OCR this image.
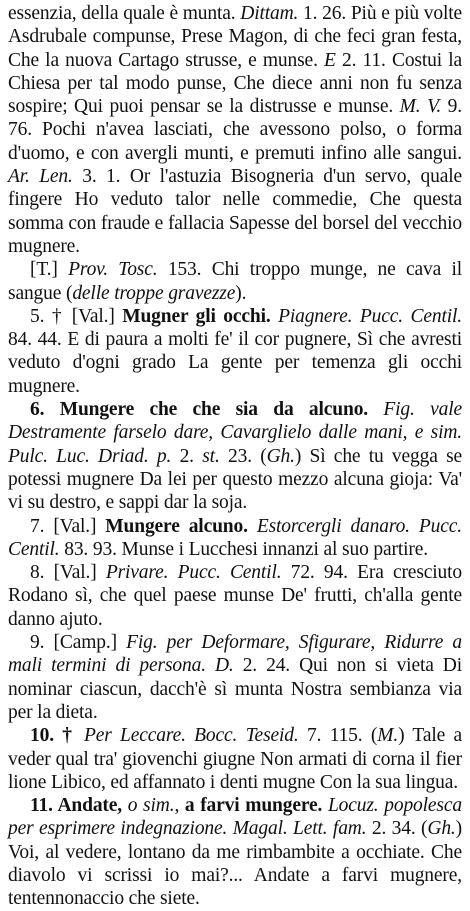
essenzia, della quale è munta. Dittam. 1. 26. Più e più volte Asdrubale compunse, Prese Magon, di che feci gran festa, Che la nuova Cartago strusse, e munse. E 2. 11. Costui la Chiesa per tal modo punse, Che diece anni non fu senza sospire; Qui puoi pensar se la distrusse e munse. M. V. 9. 76. Pochi n'avea lasciati, che avessono polso, o forma d'uomo, e con avergli munti, e premuti infino alle sangui. Ar. Len. 3. 1. Or l'astuzia Bisogneria d'un servo, quale fingere Ho veduto talor nelle commedie, Che questa somma con fraude e fallacia Sapesse del borsel del vecchio mugnere.

[T.] Prov. Tosc. 153. Chi troppo munge, ne cava il sangue (delle troppe gravezze).

5. † [Val.] Mugner gli occhi. Piagnere. Pucc. Centil. 84. 44. E di paura a molti fe' il cor pugnere, Sì che avresti veduto d'ogni grado La gente per temenza gli occhi mugnere.

6. Mungere che che sia da alcuno. Fig. vale Destramente farselo dare, Cavarglielo dalle mani, e sim. Pulc. Luc. Driad. p. 2. st. 23. (Gh.) Sì che tu vegga se potessi mugnere Da lei per questo mezzo alcuna gioja: Va' vi su destro, e sappi dar la soja.

7. [Val.] Mungere alcuno. Estorcergli danaro. Pucc. Centil. 83. 93. Munse i Lucchesi innanzi al suo partire.

8. [Val.] Privare. Pucc. Centil. 72. 94. Era cresciuto Rodano sì, che quel paese munse De' frutti, ch'alla gente danno ajuto.

9. [Camp.] Fig. per Deformare, Sfigurare, Ridurre a mali termini di persona. D. 2. 24. Qui non si vieta Di nominar ciascun, dacch'è sì munta Nostra sembianza via per la dieta.

10. † Per Leccare. Bocc. Teseid. 7. 115. (M.) Tale a veder qual tra' giovenchi giugne Non armati di corna il fier lione Libico, ed affannato i denti mugne Con la sua lingua.

11. Andate, o sim., a farvi mungere. Locuz. popolesca per esprimere indegnazione. Magal. Lett. fam. 2. 34. (Gh.) Voi, al vedere, lontano da me rimbambite a occhiate. Che diavolo vi scrissi io mai?... Andate a farvi mugnere, tentennonaccio che siete.
